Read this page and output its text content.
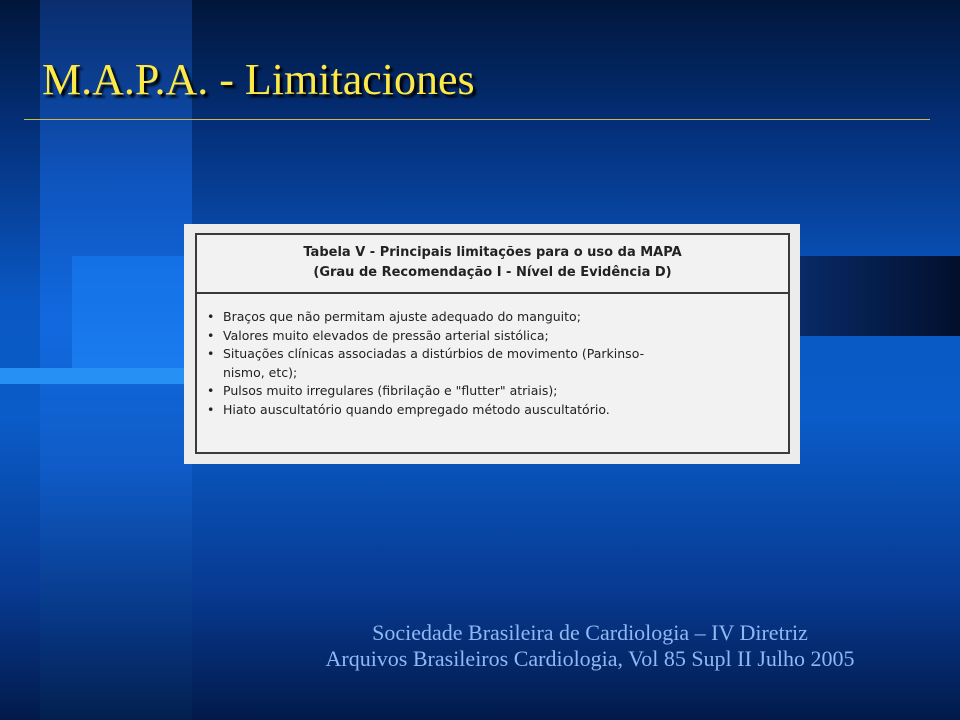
M.A.P.A. - Limitaciones
Tabela V - Principais limitações para o uso da MAPA
(Grau de Recomendação I - Nível de Evidência D)
• Braços que não permitam ajuste adequado do manguito;
• Valores muito elevados de pressão arterial sistólica;
• Situações clínicas associadas a distúrbios de movimento (Parkinso-
nismo, etc);
• Pulsos muito irregulares (fibrilação e "flutter" atriais);
• Hiato auscultatório quando empregado método auscultatório.
Sociedade Brasileira de Cardiologia – IV Diretriz
Arquivos Brasileiros Cardiologia, Vol 85 Supl II Julho 2005
